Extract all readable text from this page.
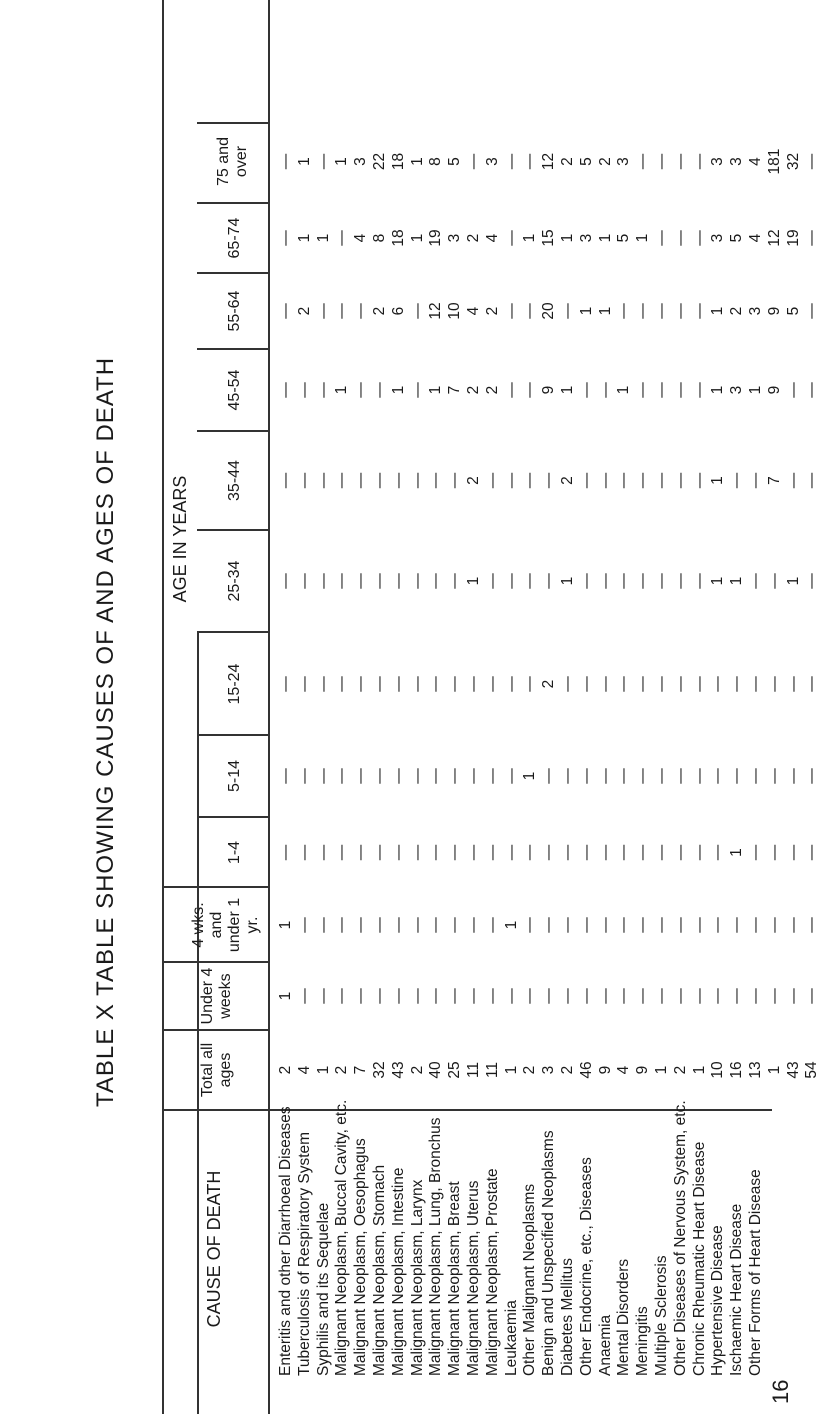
TABLE X TABLE SHOWING CAUSES OF AND AGES OF DEATH
CAUSE OF DEATH
Total all ages
Under 4 weeks
4 wks. and under 1 yr.
AGE IN YEARS
1-4
5-14
15-24
25-34
35-44
45-54
55-64
65-74
75 and over
Enteritis and other Diarrhoeal Diseases
2
1
1
—
—
—
—
—
—
—
—
—
Tuberculosis of Respiratory System
4
—
—
—
—
—
—
—
—
2
1
1
Syphilis and its Sequelae
1
—
—
—
—
—
—
—
—
—
1
—
Malignant Neoplasm, Buccal Cavity, etc.
2
—
—
—
—
—
—
—
1
—
—
1
Malignant Neoplasm, Oesophagus
7
—
—
—
—
—
—
—
—
—
4
3
Malignant Neoplasm, Stomach
32
—
—
—
—
—
—
—
—
2
8
22
Malignant Neoplasm, Intestine
43
—
—
—
—
—
—
—
1
6
18
18
Malignant Neoplasm, Larynx
2
—
—
—
—
—
—
—
—
—
1
1
Malignant Neoplasm, Lung, Bronchus
40
—
—
—
—
—
—
—
1
12
19
8
Malignant Neoplasm, Breast
25
—
—
—
—
—
—
—
7
10
3
5
Malignant Neoplasm, Uterus
11
—
—
—
—
—
1
2
2
4
2
—
Malignant Neoplasm, Prostate
11
—
—
—
—
—
—
—
2
2
4
3
Leukaemia
1
—
1
—
—
—
—
—
—
—
—
—
Other Malignant Neoplasms
2
—
—
—
1
—
—
—
—
—
1
—
Benign and Unspecified Neoplasms
3
—
—
—
—
2
—
—
9
20
15
12
Diabetes Mellitus
2
—
—
—
—
—
1
2
1
—
1
2
Other Endocrine, etc., Diseases
46
—
—
—
—
—
—
—
—
1
3
5
Anaemia
9
—
—
—
—
—
—
—
—
1
1
2
Mental Disorders
4
—
—
—
—
—
—
—
1
—
5
3
Meningitis
9
—
—
—
—
—
—
—
—
—
1
—
Multiple Sclerosis
1
—
—
—
—
—
—
—
—
—
—
—
Other Diseases of Nervous System, etc.
2
—
—
—
—
—
—
—
—
—
—
—
Chronic Rheumatic Heart Disease
1
—
—
—
—
—
—
—
—
—
—
—
Hypertensive Disease
10
—
—
—
—
—
1
1
1
1
3
3
Ischaemic Heart Disease
16
—
—
1
—
—
1
—
3
2
5
3
Other Forms of Heart Disease
13
—
—
—
—
—
—
—
1
3
4
4
1
—
—
—
—
—
—
7
9
9
12
181
43
—
—
—
—
—
1
—
—
5
19
32
54
—
—
—
—
—
—
—
—
—
—
—
16
